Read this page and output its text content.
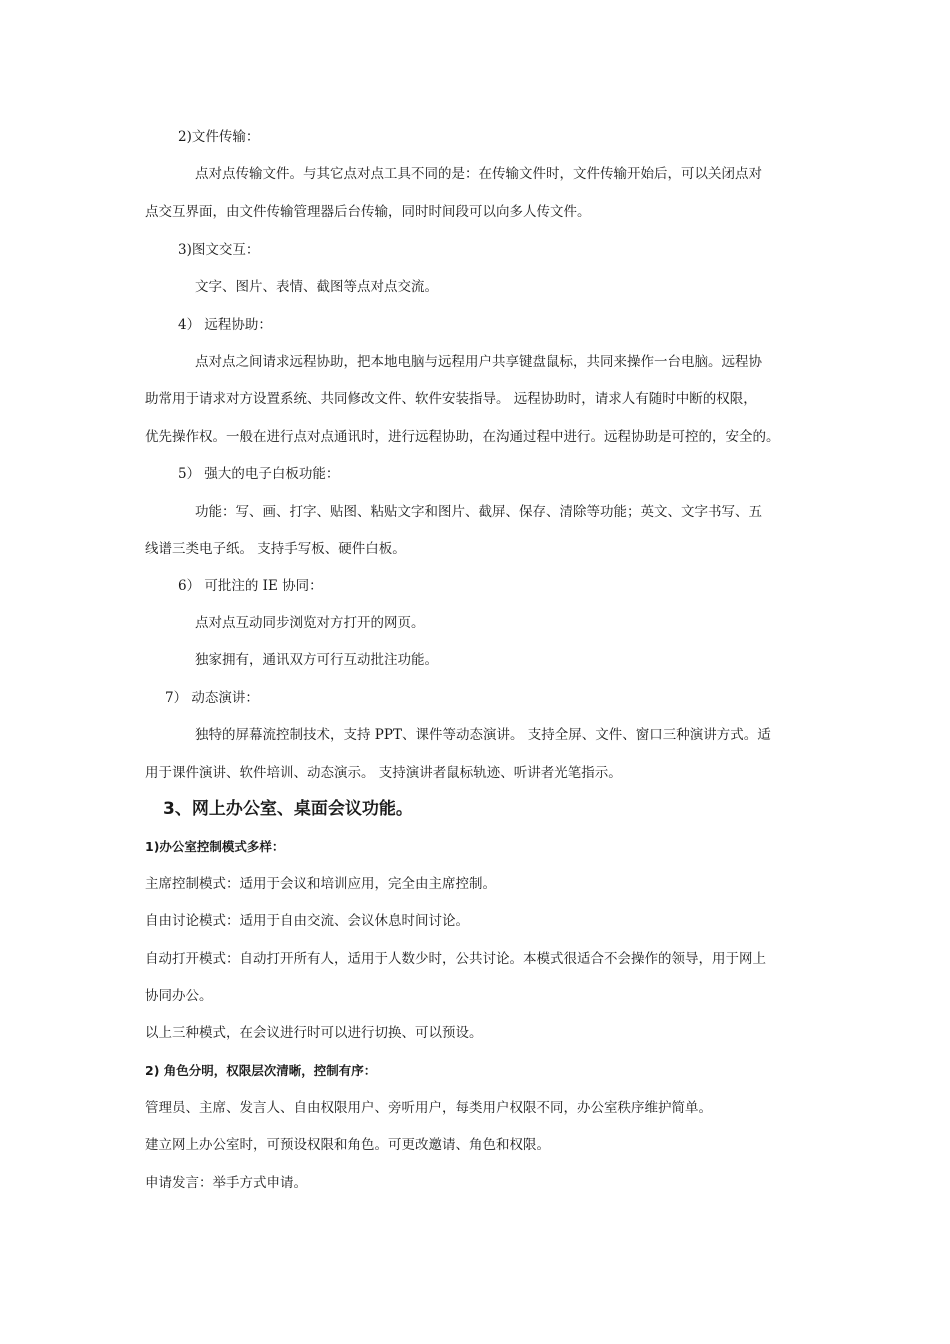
2)文件传输：
点对点传输文件。与其它点对点工具不同的是：在传输文件时，文件传输开始后，可以关闭点对
点交互界面，由文件传输管理器后台传输，同时时间段可以向多人传文件。
3)图文交互：
文字、图片、表情、截图等点对点交流。
4） 远程协助：
点对点之间请求远程协助，把本地电脑与远程用户共享键盘鼠标，共同来操作一台电脑。远程协
助常用于请求对方设置系统、共同修改文件、软件安装指导。 远程协助时，请求人有随时中断的权限，
优先操作权。一般在进行点对点通讯时，进行远程协助，在沟通过程中进行。远程协助是可控的，安全的。
5） 强大的电子白板功能：
功能：写、画、打字、贴图、粘贴文字和图片、截屏、保存、清除等功能；英文、文字书写、五
线谱三类电子纸。 支持手写板、硬件白板。
6） 可批注的 IE 协同：
点对点互动同步浏览对方打开的网页。
独家拥有，通讯双方可行互动批注功能。
7） 动态演讲：
独特的屏幕流控制技术，支持 PPT、课件等动态演讲。 支持全屏、文件、窗口三种演讲方式。适
用于课件演讲、软件培训、动态演示。 支持演讲者鼠标轨迹、听讲者光笔指示。
3、网上办公室、桌面会议功能。
1)办公室控制模式多样：
主席控制模式：适用于会议和培训应用，完全由主席控制。
自由讨论模式：适用于自由交流、会议休息时间讨论。
自动打开模式：自动打开所有人，适用于人数少时，公共讨论。本模式很适合不会操作的领导，用于网上
协同办公。
以上三种模式，在会议进行时可以进行切换、可以预设。
2) 角色分明，权限层次清晰，控制有序：
管理员、主席、发言人、自由权限用户、旁听用户，每类用户权限不同，办公室秩序维护简单。
建立网上办公室时，可预设权限和角色。可更改邀请、角色和权限。
申请发言：举手方式申请。
